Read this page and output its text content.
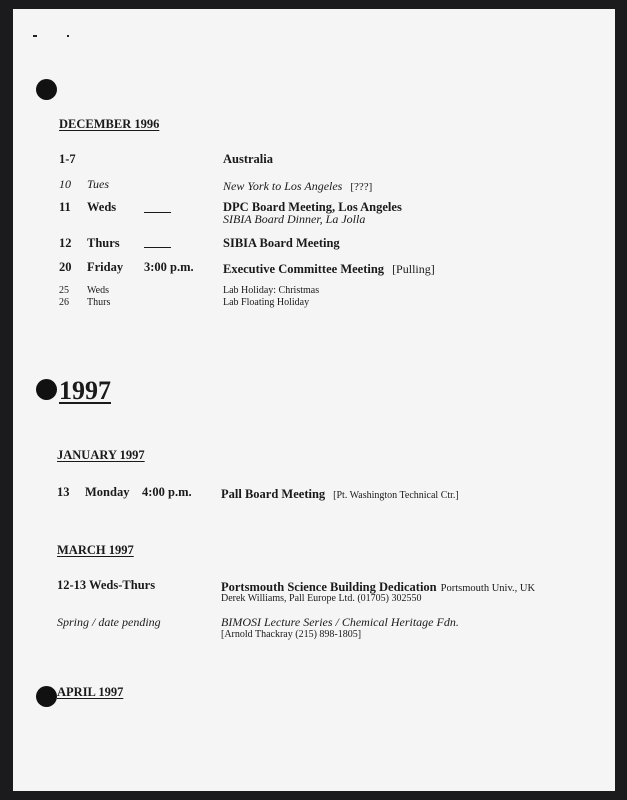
DECEMBER 1996
1-7	Australia
10 Tues	New York to Los Angeles [???]
11 Weds	DPC Board Meeting, Los Angeles
SIBIA Board Dinner, La Jolla
12 Thurs	SIBIA Board Meeting
20 Friday 3:00 p.m. Executive Committee Meeting [Pulling]
25 Weds	Lab Holiday: Christmas
26 Thurs	Lab Floating Holiday
1997
JANUARY 1997
13 Monday 4:00 p.m. Pall Board Meeting [Pt. Washington Technical Ctr.]
MARCH 1997
12-13 Weds-Thurs	Portsmouth Science Building Dedication Portsmouth Univ., UK
Derek Williams, Pall Europe Ltd. (01705) 302550
Spring / date pending	BIMOSI Lecture Series / Chemical Heritage Fdn.
[Arnold Thackray (215) 898-1805]
APRIL 1997
